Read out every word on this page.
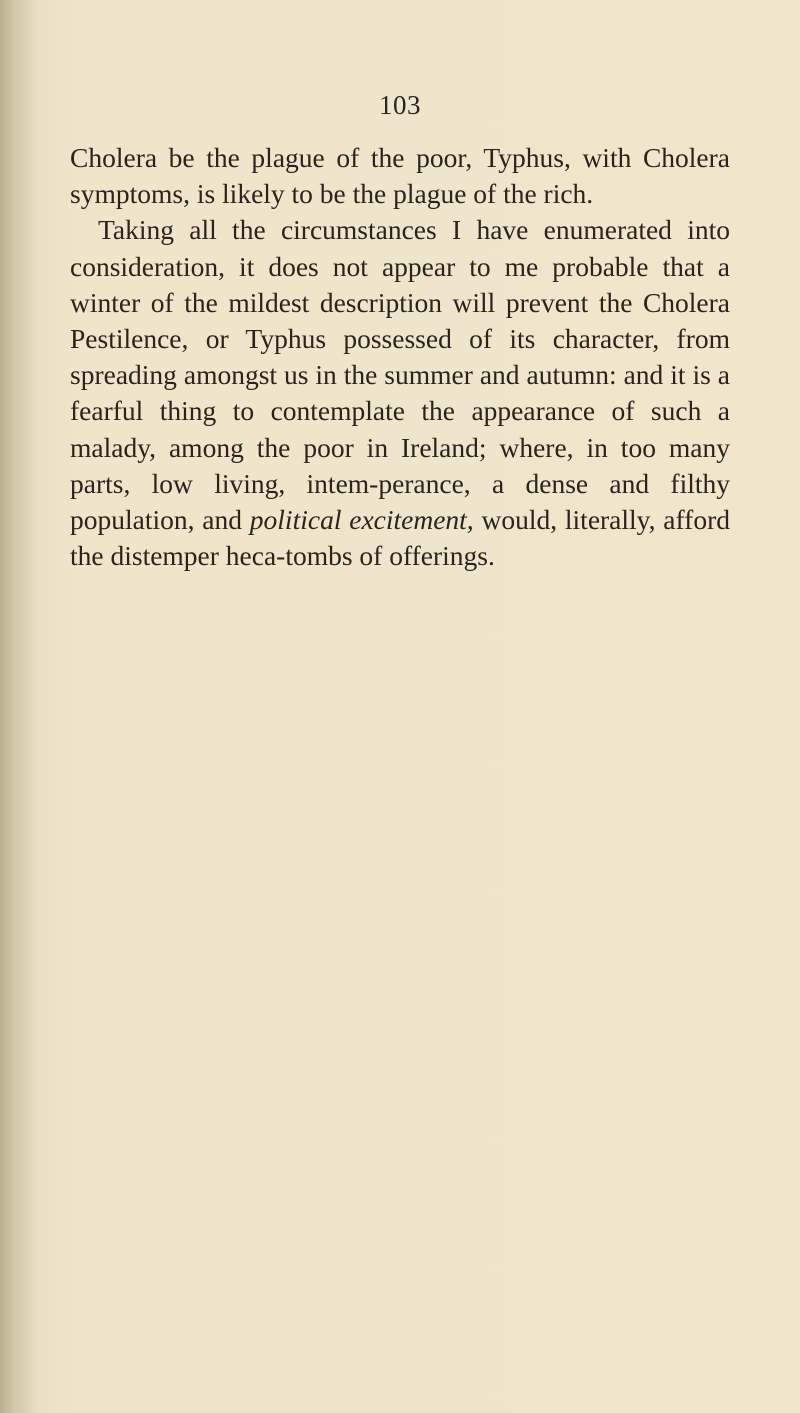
103

Cholera be the plague of the poor, Typhus, with Cholera symptoms, is likely to be the plague of the rich.

Taking all the circumstances I have enumerated into consideration, it does not appear to me probable that a winter of the mildest description will prevent the Cholera Pestilence, or Typhus possessed of its character, from spreading amongst us in the summer and autumn: and it is a fearful thing to contemplate the appearance of such a malady, among the poor in Ireland; where, in too many parts, low living, intem-perance, a dense and filthy population, and political excitement, would, literally, afford the distemper heca-tombs of offerings.
